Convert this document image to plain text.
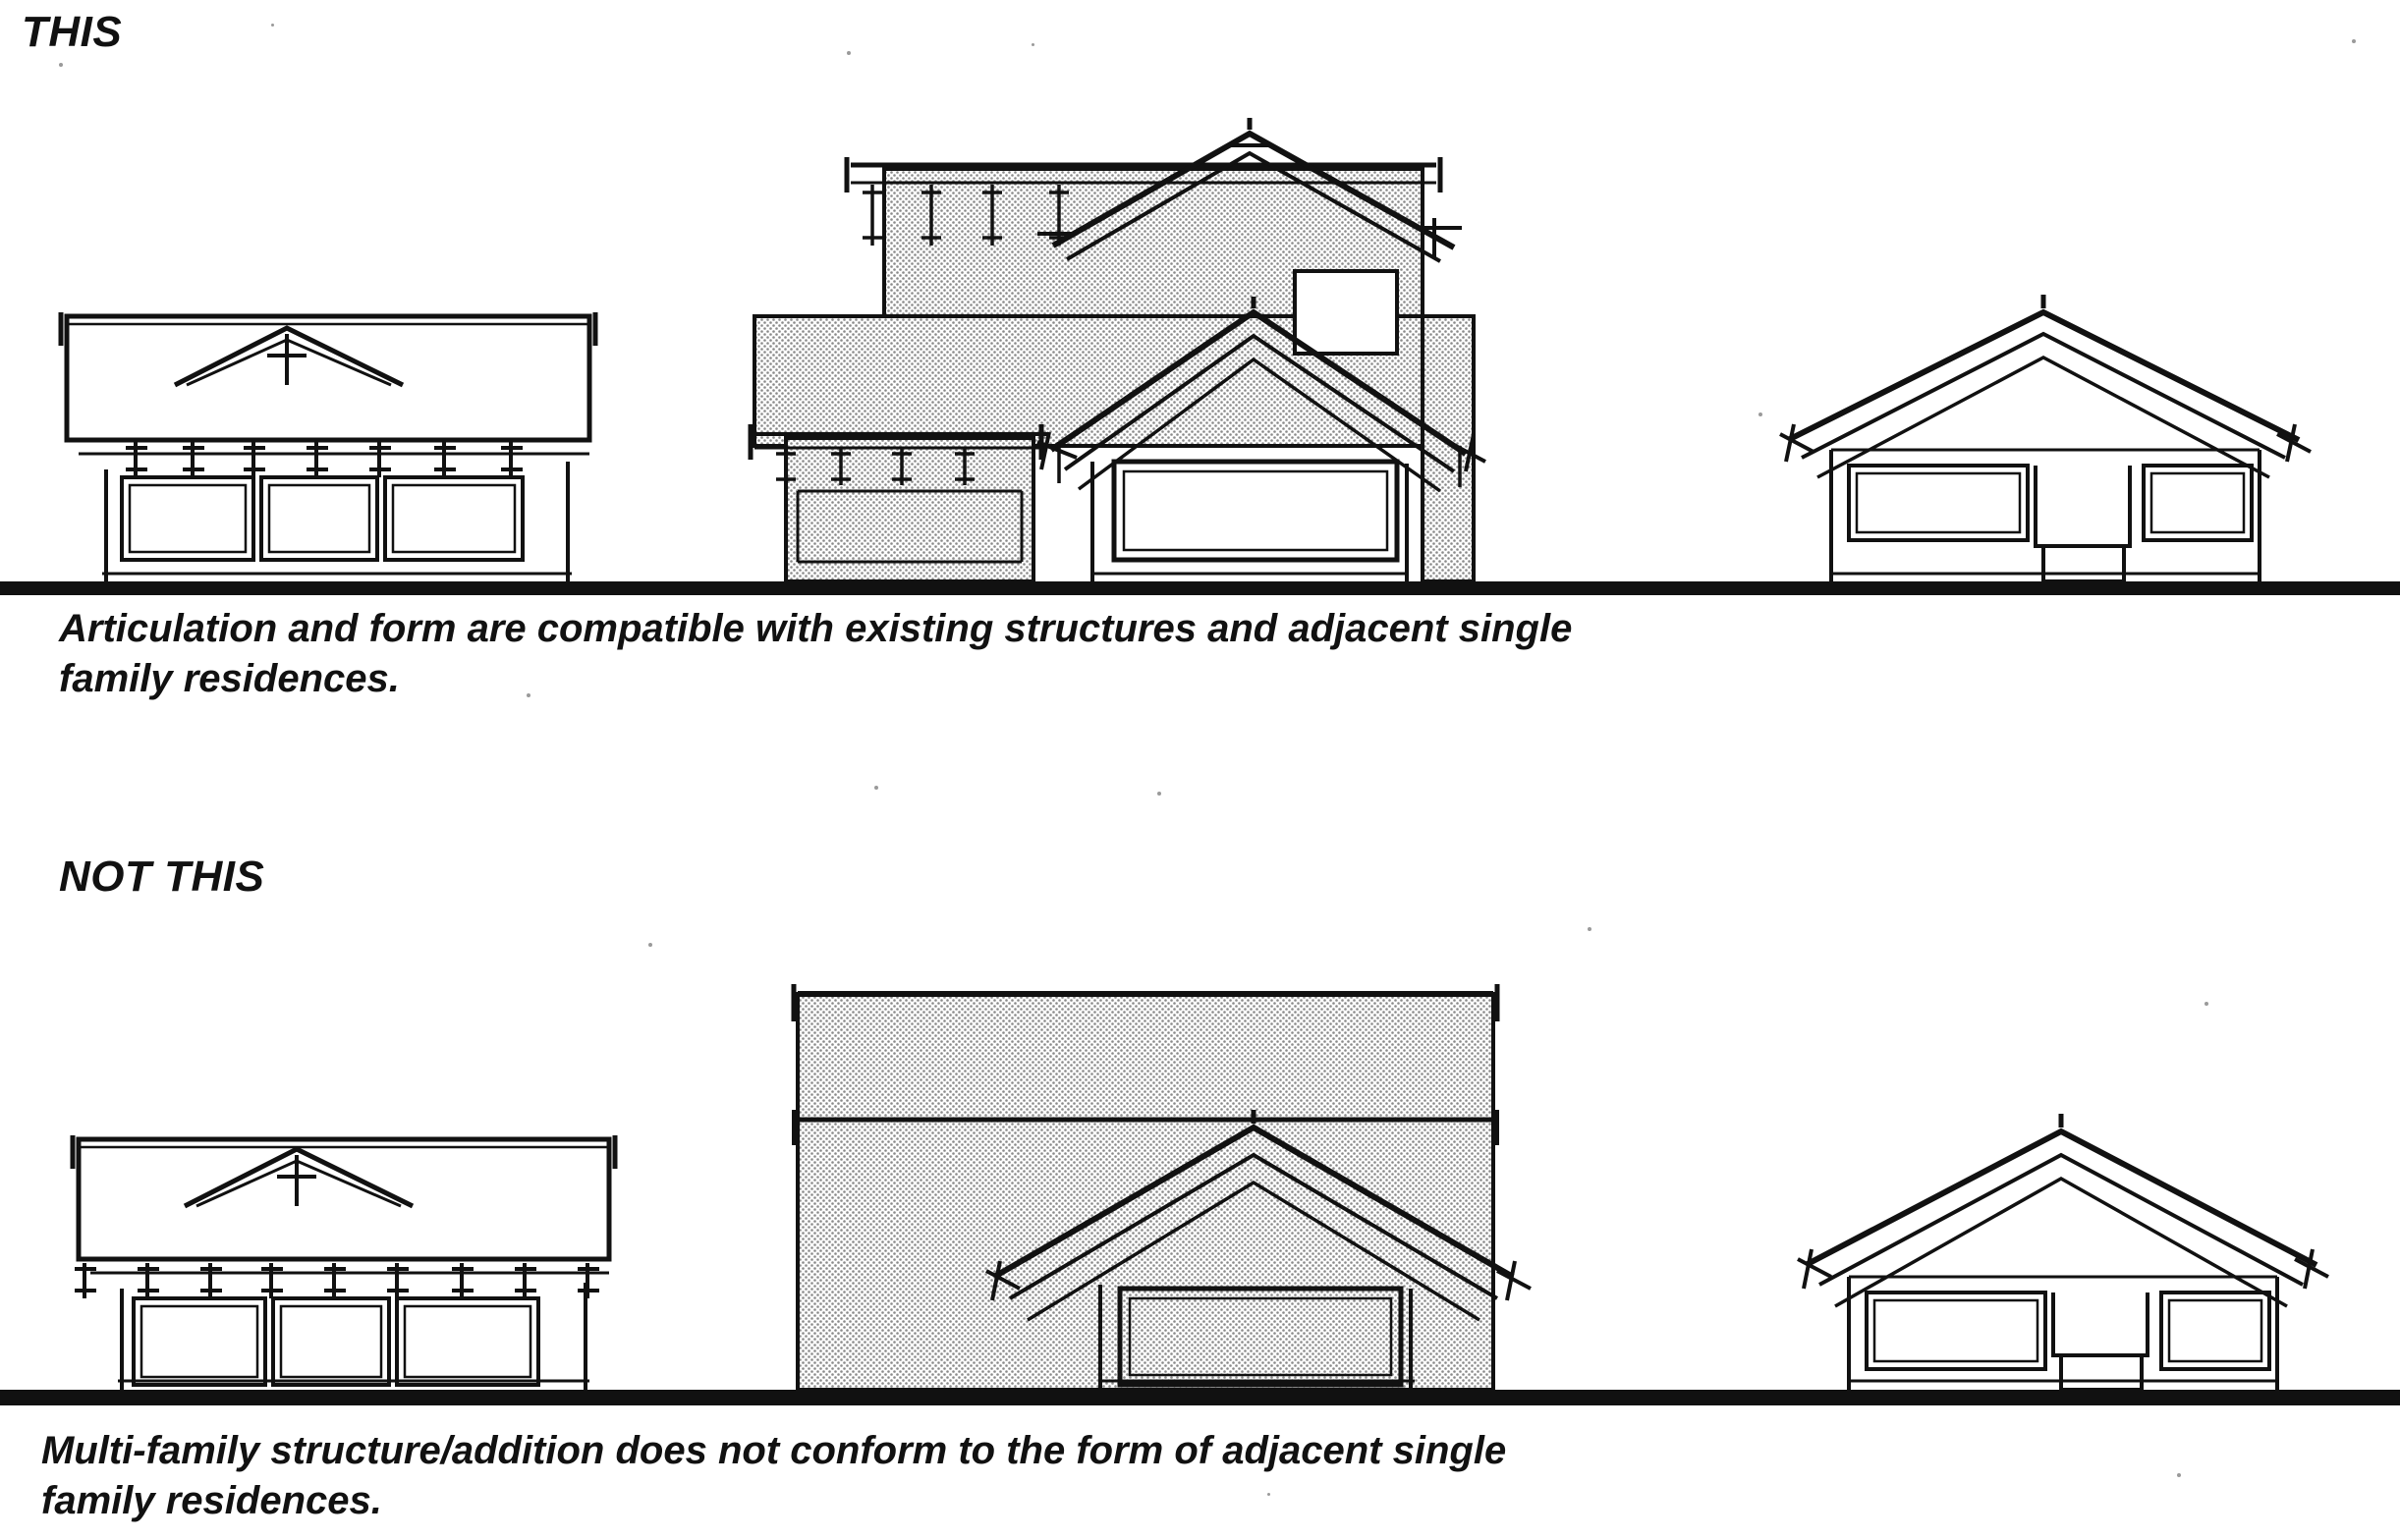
THIS
NOT THIS
Articulation and form are compatible with existing structures and adjacent single family residences.
Multi-family structure/addition does not conform to the form of adjacent single family residences.
